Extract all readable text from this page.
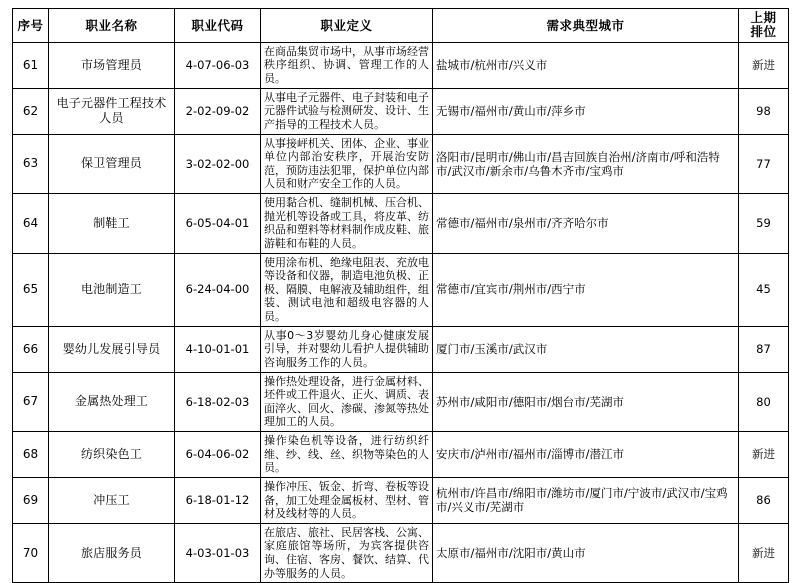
序号	职业名称	职业代码	职业定义	需求典型城市	上期
排位

61	市场管理员	4-07-06-03	在商品集贸市场中，从事市场经营秩序组织、协调、管理工作的人员。	盐城市/杭州市/兴义市	新进
62	电子元器件工程技术人员	2-02-09-02	从事电子元器件、电子封装和电子元器件试验与检测研发、设计、生产指导的工程技术人员。	无锡市/福州市/黄山市/萍乡市	98
63	保卫管理员	3-02-02-00	从事接岼机关、团体、企业、事业单位内部治安秩序，开展治安防范，预防违法犯罪，保护单位内部人员和财产安全工作的人员。	洛阳市/昆明市/佛山市/昌吉回族自治州/济南市/呼和浩特市/武汉市/新余市/乌鲁木齐市/宝鸡市	77
64	制鞋工	6-05-04-01	使用黏合机、缝制机械、压合机、抛光机等设备或工具，将皮革、纺织品和塑料等材料制作成皮鞋、旅游鞋和布鞋的人员。	常德市/福州市/泉州市/齐齐哈尔市	59
65	电池制造工	6-24-04-00	使用涂布机、绝缘电阻表、充放电等设备和仪器，制造电池负极、正极、隔膜、电解液及辅助组件，组装、测试电池和超级电容器的人员。	常德市/宜宾市/荆州市/西宁市	45
66	婴幼儿发展引导员	4-10-01-01	从事0～3岁婴幼儿身心健康发展引导，并对婴幼儿看护人提供辅助咨询服务工作的人员。	厦门市/玉溪市/武汉市	87
67	金属热处理工	6-18-02-03	操作热处理设备，进行金属材料、坯件或工件退火、正火、调质、表面淬火、回火、渗碳、渗氮等热处理加工的人员。	苏州市/咸阳市/德阳市/烟台市/芜湖市	80
68	纺织染色工	6-04-06-02	操作染色机等设备，进行纺织纤维、纱、线、丝、织物等染色的人员。	安庆市/泸州市/福州市/淄博市/潜江市	新进
69	冲压工	6-18-01-12	操作冲压、钣金、折弯、卷板等设备，加工处理金属板材、型材、管材及线材等的人员。	杭州市/许昌市/绵阳市/潍坊市/厦门市/宁波市/武汉市/宝鸡市/兴义市/芜湖市	86
70	旅店服务员	4-03-01-03	在旅店、旅社、民居客栈、公寓、家庭旅馆等场所，为宾客提供咨询、住宿、客房、餐饮、结算、代办等服务的人员。	太原市/福州市/沈阳市/黄山市	新进
